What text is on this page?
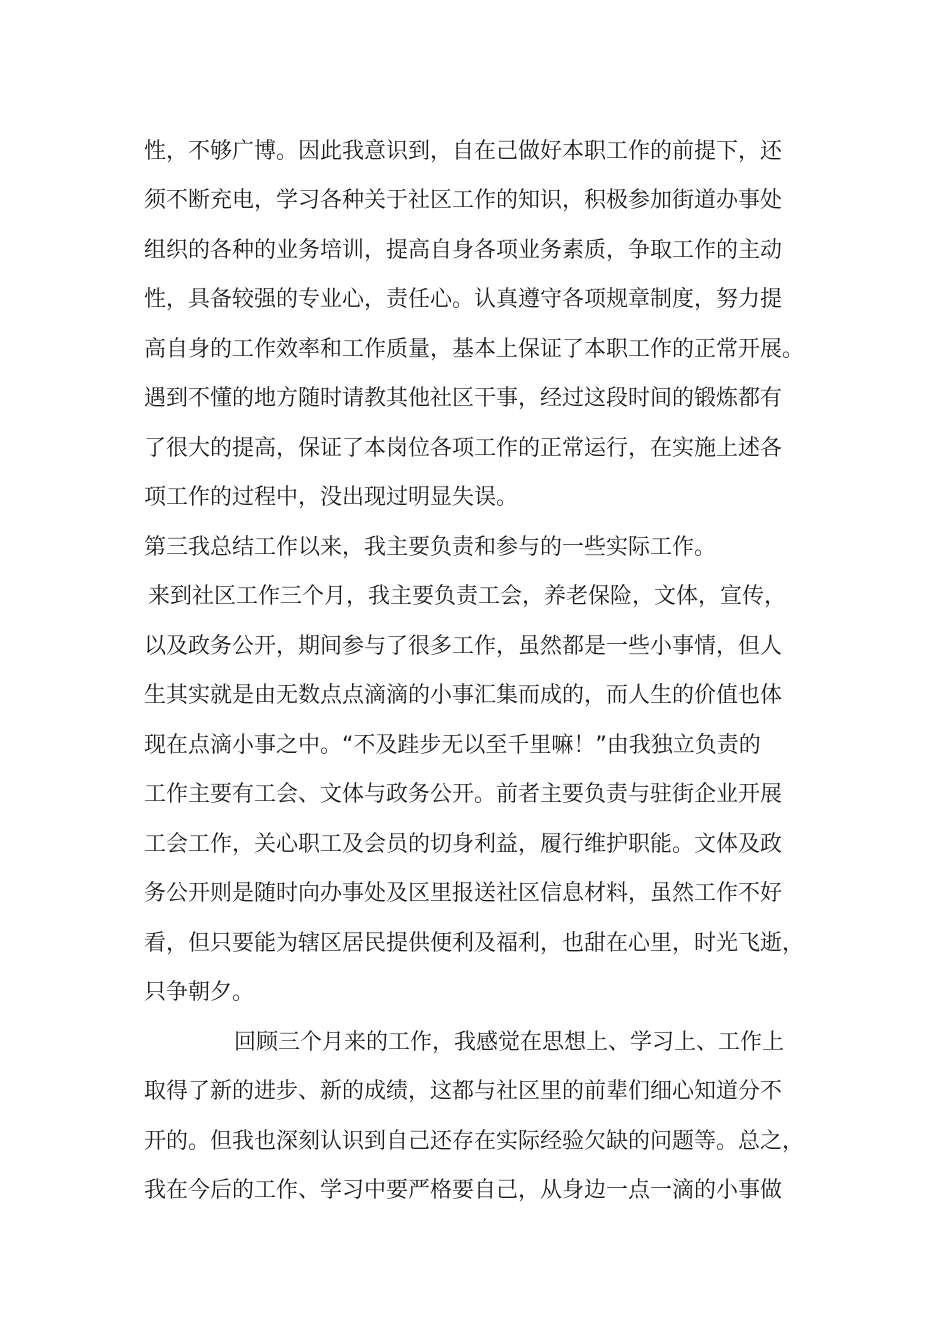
性，不够广博。因此我意识到，自在己做好本职工作的前提下，还
须不断充电，学习各种关于社区工作的知识，积极参加街道办事处
组织的各种的业务培训，提高自身各项业务素质，争取工作的主动
性，具备较强的专业心，责任心。认真遵守各项规章制度，努力提
高自身的工作效率和工作质量，基本上保证了本职工作的正常开展。
遇到不懂的地方随时请教其他社区干事，经过这段时间的锻炼都有
了很大的提高，保证了本岗位各项工作的正常运行，在实施上述各
项工作的过程中，没出现过明显失误。
第三我总结工作以来，我主要负责和参与的一些实际工作。
来到社区工作三个月，我主要负责工会，养老保险，文体，宣传，
以及政务公开，期间参与了很多工作，虽然都是一些小事情，但人
生其实就是由无数点点滴滴的小事汇集而成的，而人生的价值也体
现在点滴小事之中。“不及跬步无以至千里嘛！”由我独立负责的
工作主要有工会、文体与政务公开。前者主要负责与驻街企业开展
工会工作，关心职工及会员的切身利益，履行维护职能。文体及政
务公开则是随时向办事处及区里报送社区信息材料，虽然工作不好
看，但只要能为辖区居民提供便利及福利，也甜在心里，时光飞逝，
只争朝夕。
回顾三个月来的工作，我感觉在思想上、学习上、工作上
取得了新的进步、新的成绩，这都与社区里的前辈们细心知道分不
开的。但我也深刻认识到自己还存在实际经验欠缺的问题等。总之，
我在今后的工作、学习中要严格要自己，从身边一点一滴的小事做
